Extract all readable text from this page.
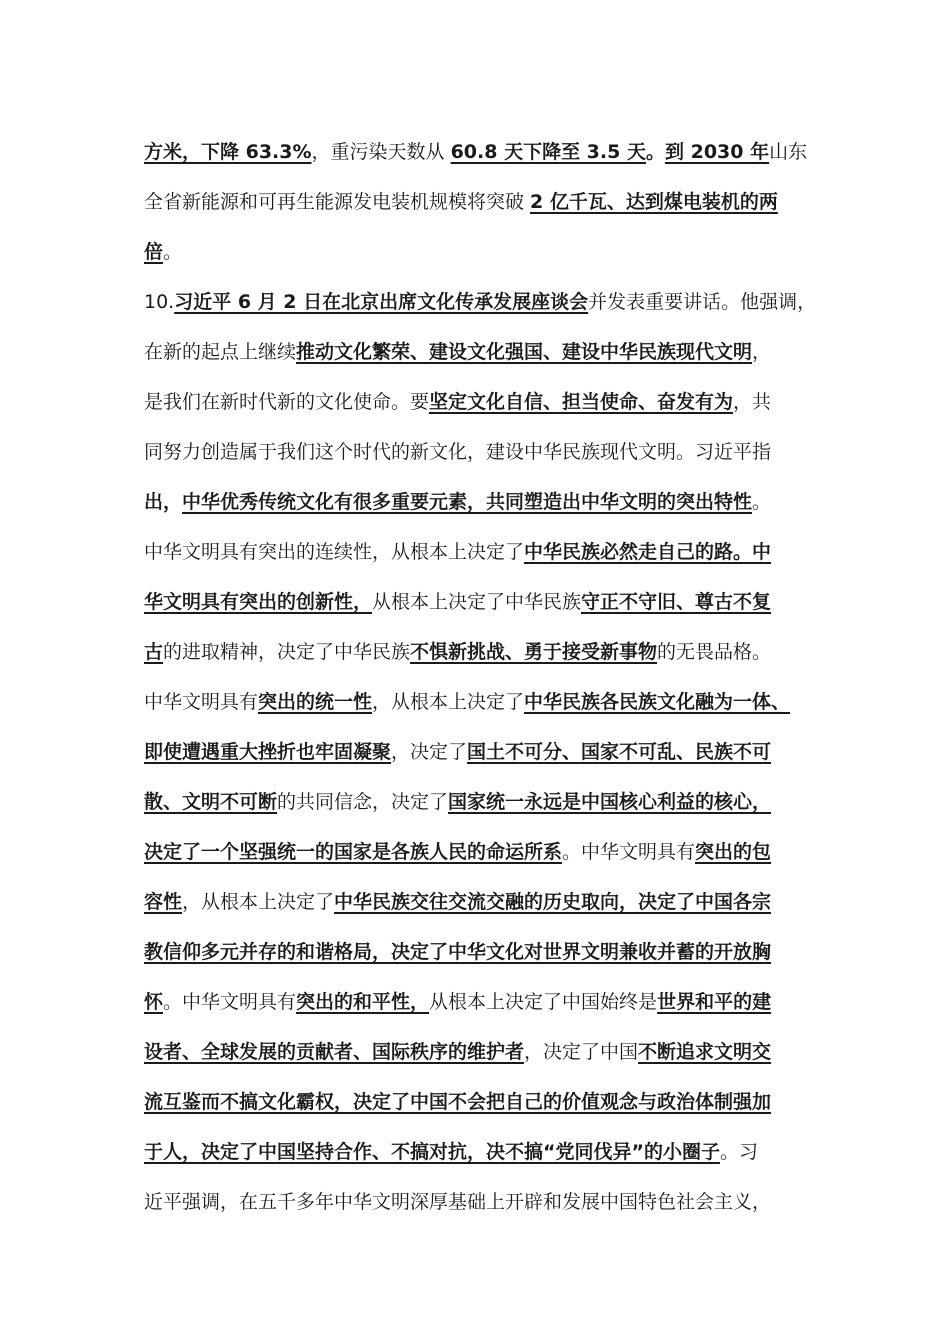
方米，下降 63.3%，重污染天数从 60.8 天下降至 3.5 天。到 2030 年山东
全省新能源和可再生能源发电装机规模将突破 2 亿千瓦、达到煤电装机的两
倍。
10.习近平 6 月 2 日在北京出席文化传承发展座谈会并发表重要讲话。他强调，
在新的起点上继续推动文化繁荣、建设文化强国、建设中华民族现代文明，
是我们在新时代新的文化使命。要坚定文化自信、担当使命、奋发有为，共
同努力创造属于我们这个时代的新文化，建设中华民族现代文明。习近平指
出，中华优秀传统文化有很多重要元素，共同塑造出中华文明的突出特性。
中华文明具有突出的连续性，从根本上决定了中华民族必然走自己的路。中
华文明具有突出的创新性，从根本上决定了中华民族守正不守旧、尊古不复
古的进取精神，决定了中华民族不惧新挑战、勇于接受新事物的无畏品格。
中华文明具有突出的统一性，从根本上决定了中华民族各民族文化融为一体、
即使遭遇重大挫折也牢固凝聚，决定了国土不可分、国家不可乱、民族不可
散、文明不可断的共同信念，决定了国家统一永远是中国核心利益的核心，
决定了一个坚强统一的国家是各族人民的命运所系。中华文明具有突出的包
容性，从根本上决定了中华民族交往交流交融的历史取向，决定了中国各宗
教信仰多元并存的和谐格局，决定了中华文化对世界文明兼收并蓄的开放胸
怀。中华文明具有突出的和平性，从根本上决定了中国始终是世界和平的建
设者、全球发展的贡献者、国际秩序的维护者，决定了中国不断追求文明交
流互鉴而不搞文化霸权，决定了中国不会把自己的价值观念与政治体制强加
于人，决定了中国坚持合作、不搞对抗，决不搞“党同伐异”的小圈子。习
近平强调，在五千多年中华文明深厚基础上开辟和发展中国特色社会主义，
